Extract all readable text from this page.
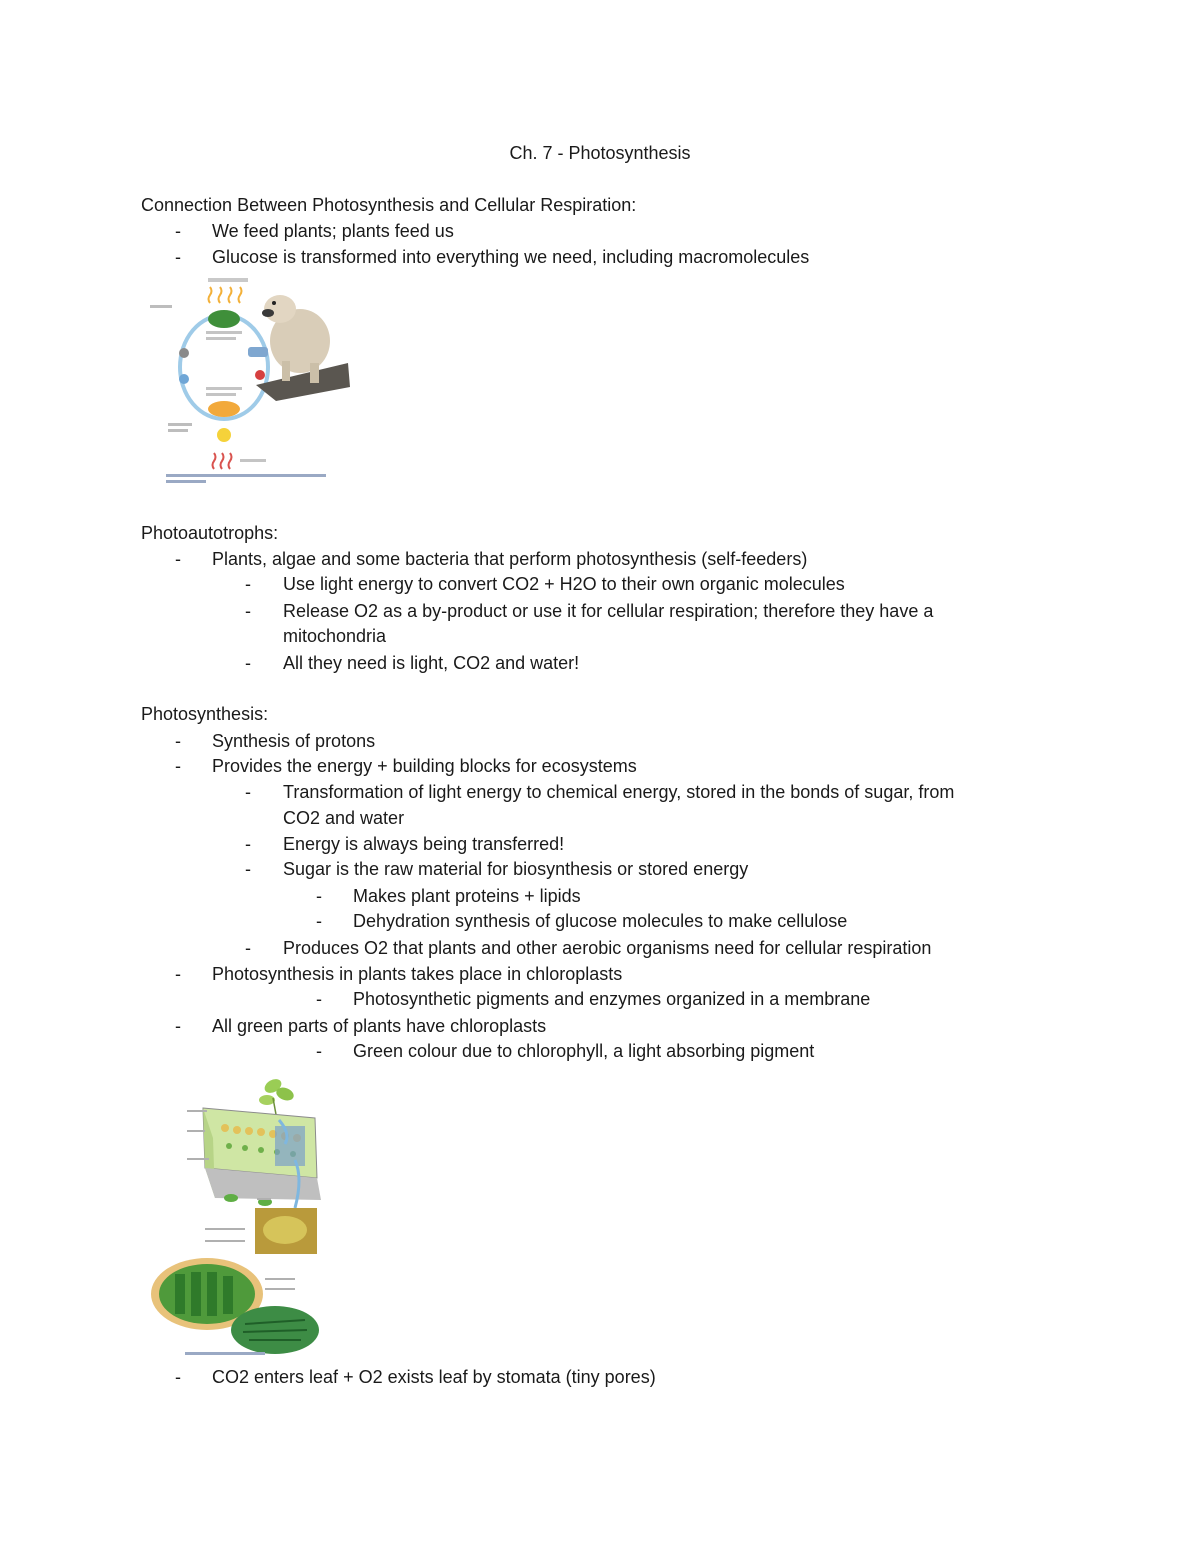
Ch. 7 - Photosynthesis
Connection Between Photosynthesis and Cellular Respiration:
- We feed plants; plants feed us
- Glucose is transformed into everything we need, including macromolecules
Photoautotrophs:
- Plants, algae and some bacteria that perform photosynthesis (self-feeders)
- Use light energy to convert CO2 + H2O to their own organic molecules
- Release O2 as a by-product or use it for cellular respiration; therefore they have a
mitochondria
- All they need is light, CO2 and water!
Photosynthesis:
- Synthesis of protons
- Provides the energy + building blocks for ecosystems
- Transformation of light energy to chemical energy, stored in the bonds of sugar, from
CO2 and water
- Energy is always being transferred!
- Sugar is the raw material for biosynthesis or stored energy
- Makes plant proteins + lipids
- Dehydration synthesis of glucose molecules to make cellulose
- Produces O2 that plants and other aerobic organisms need for cellular respiration
- Photosynthesis in plants takes place in chloroplasts
- Photosynthetic pigments and enzymes organized in a membrane
- All green parts of plants have chloroplasts
- Green colour due to chlorophyll, a light absorbing pigment
- CO2 enters leaf + O2 exists leaf by stomata (tiny pores)
